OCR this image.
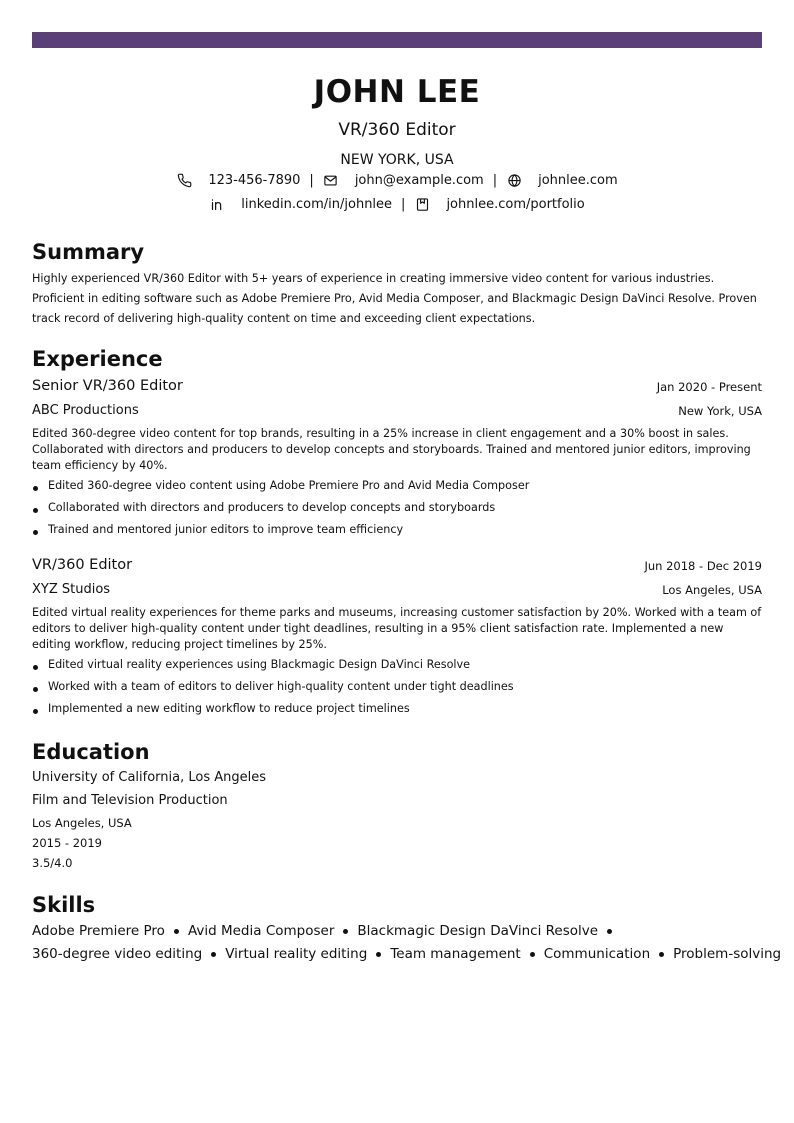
JOHN LEE
VR/360 Editor
NEW YORK, USA
123-456-7890 |	john@example.com |	johnlee.com
linkedin.com/in/johnlee |	johnlee.com/portfolio
Summary
Highly experienced VR/360 Editor with 5+ years of experience in creating immersive video content for various industries. Proficient in editing software such as Adobe Premiere Pro, Avid Media Composer, and Blackmagic Design DaVinci Resolve. Proven track record of delivering high-quality content on time and exceeding client expectations.
Experience
Senior VR/360 Editor	Jan 2020 - Present
ABC Productions	New York, USA
Edited 360-degree video content for top brands, resulting in a 25% increase in client engagement and a 30% boost in sales. Collaborated with directors and producers to develop concepts and storyboards. Trained and mentored junior editors, improving team efficiency by 40%.
Edited 360-degree video content using Adobe Premiere Pro and Avid Media Composer
Collaborated with directors and producers to develop concepts and storyboards
Trained and mentored junior editors to improve team efficiency
VR/360 Editor	Jun 2018 - Dec 2019
XYZ Studios	Los Angeles, USA
Edited virtual reality experiences for theme parks and museums, increasing customer satisfaction by 20%. Worked with a team of editors to deliver high-quality content under tight deadlines, resulting in a 95% client satisfaction rate. Implemented a new editing workflow, reducing project timelines by 25%.
Edited virtual reality experiences using Blackmagic Design DaVinci Resolve
Worked with a team of editors to deliver high-quality content under tight deadlines
Implemented a new editing workflow to reduce project timelines
Education
University of California, Los Angeles
Film and Television Production
Los Angeles, USA
2015 - 2019
3.5/4.0
Skills
Adobe Premiere Pro Avid Media Composer Blackmagic Design DaVinci Resolve
360-degree video editing Virtual reality editing Team management Communication Problem-solving
